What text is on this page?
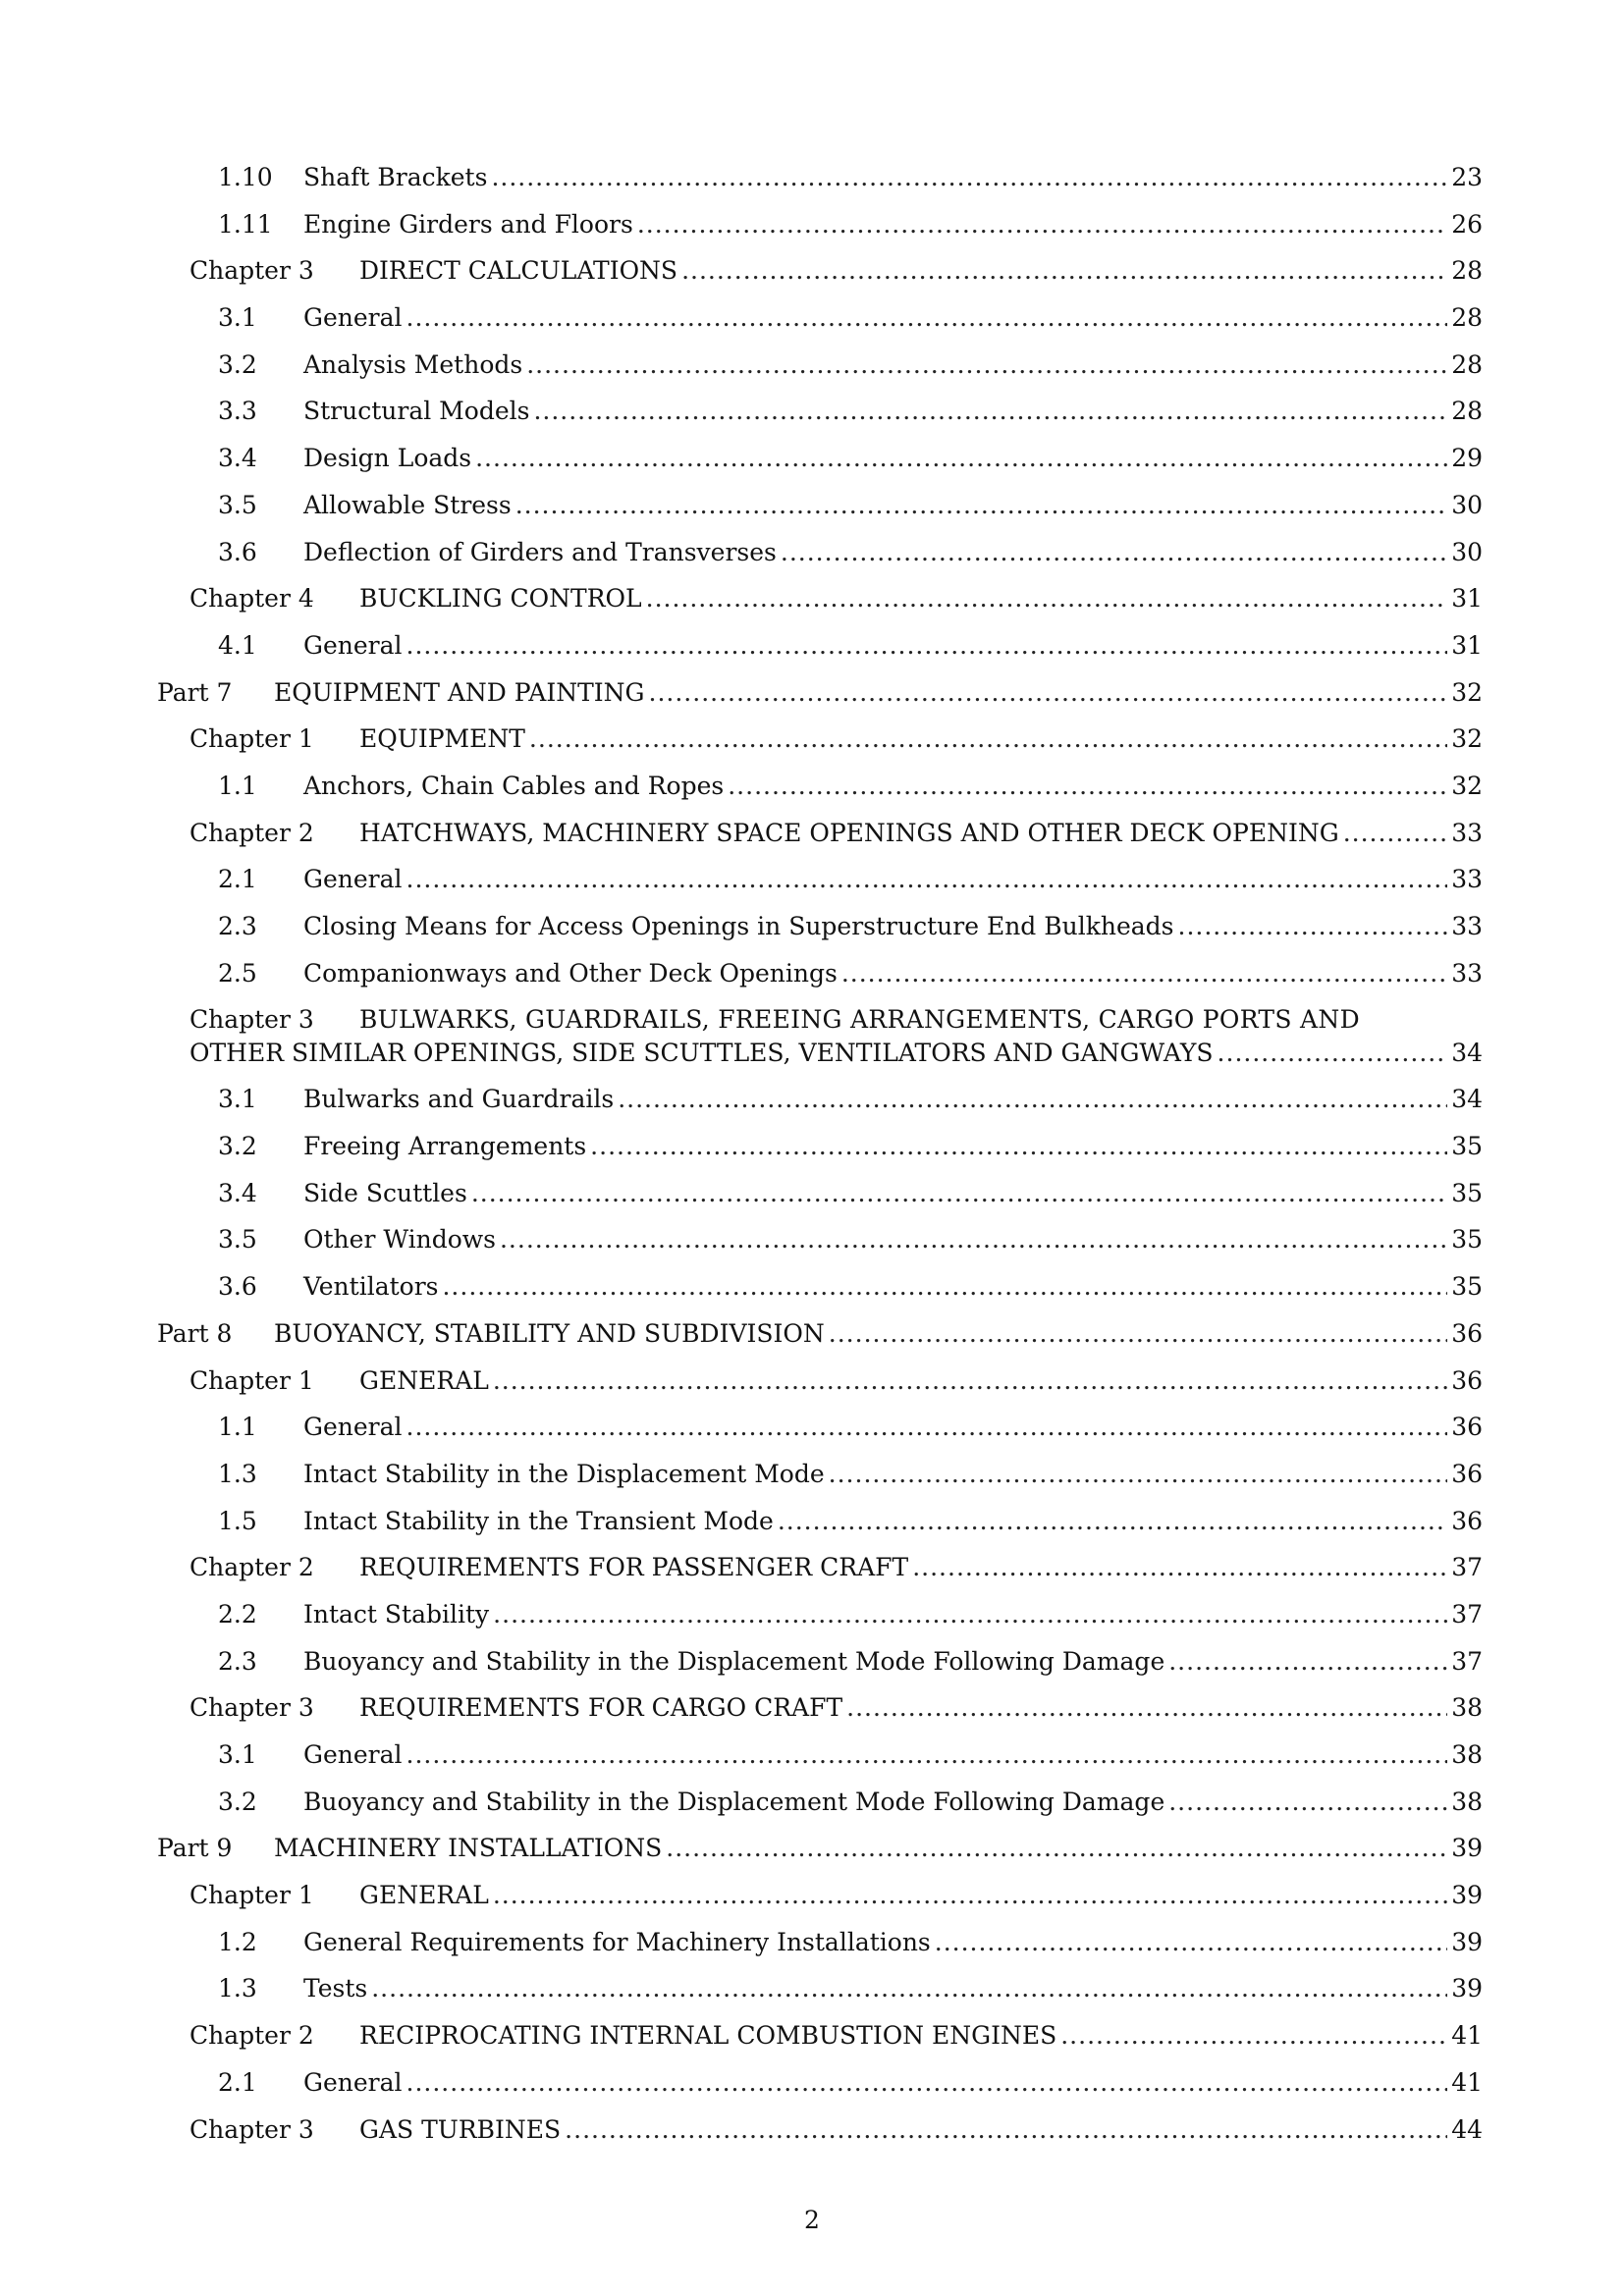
1.10	Shaft Brackets .....	23
1.11	Engine Girders and Floors .....	26
Chapter 3	DIRECT CALCULATIONS .....	28
3.1	General .....	28
3.2	Analysis Methods .....	28
3.3	Structural Models .....	28
3.4	Design Loads .....	29
3.5	Allowable Stress .....	30
3.6	Deflection of Girders and Transverses .....	30
Chapter 4	BUCKLING CONTROL .....	31
4.1	General .....	31
Part 7	EQUIPMENT AND PAINTING .....	32
Chapter 1	EQUIPMENT .....	32
1.1	Anchors, Chain Cables and Ropes .....	32
Chapter 2	HATCHWAYS, MACHINERY SPACE OPENINGS AND OTHER DECK OPENING .....	33
2.1	General .....	33
2.3	Closing Means for Access Openings in Superstructure End Bulkheads .....	33
2.5	Companionways and Other Deck Openings .....	33
Chapter 3 BULWARKS, GUARDRAILS, FREEING ARRANGEMENTS, CARGO PORTS AND
OTHER SIMILAR OPENINGS, SIDE SCUTTLES, VENTILATORS AND GANGWAYS .....	34
3.1	Bulwarks and Guardrails .....	34
3.2	Freeing Arrangements .....	35
3.4	Side Scuttles .....	35
3.5	Other Windows .....	35
3.6	Ventilators .....	35
Part 8	BUOYANCY, STABILITY AND SUBDIVISION .....	36
Chapter 1	GENERAL .....	36
1.1	General .....	36
1.3	Intact Stability in the Displacement Mode .....	36
1.5	Intact Stability in the Transient Mode .....	36
Chapter 2	REQUIREMENTS FOR PASSENGER CRAFT .....	37
2.2	Intact Stability .....	37
2.3	Buoyancy and Stability in the Displacement Mode Following Damage .....	37
Chapter 3	REQUIREMENTS FOR CARGO CRAFT .....	38
3.1	General .....	38
3.2	Buoyancy and Stability in the Displacement Mode Following Damage .....	38
Part 9	MACHINERY INSTALLATIONS .....	39
Chapter 1	GENERAL .....	39
1.2	General Requirements for Machinery Installations .....	39
1.3	Tests .....	39
Chapter 2	RECIPROCATING INTERNAL COMBUSTION ENGINES .....	41
2.1	General .....	41
Chapter 3	GAS TURBINES .....	44
2
